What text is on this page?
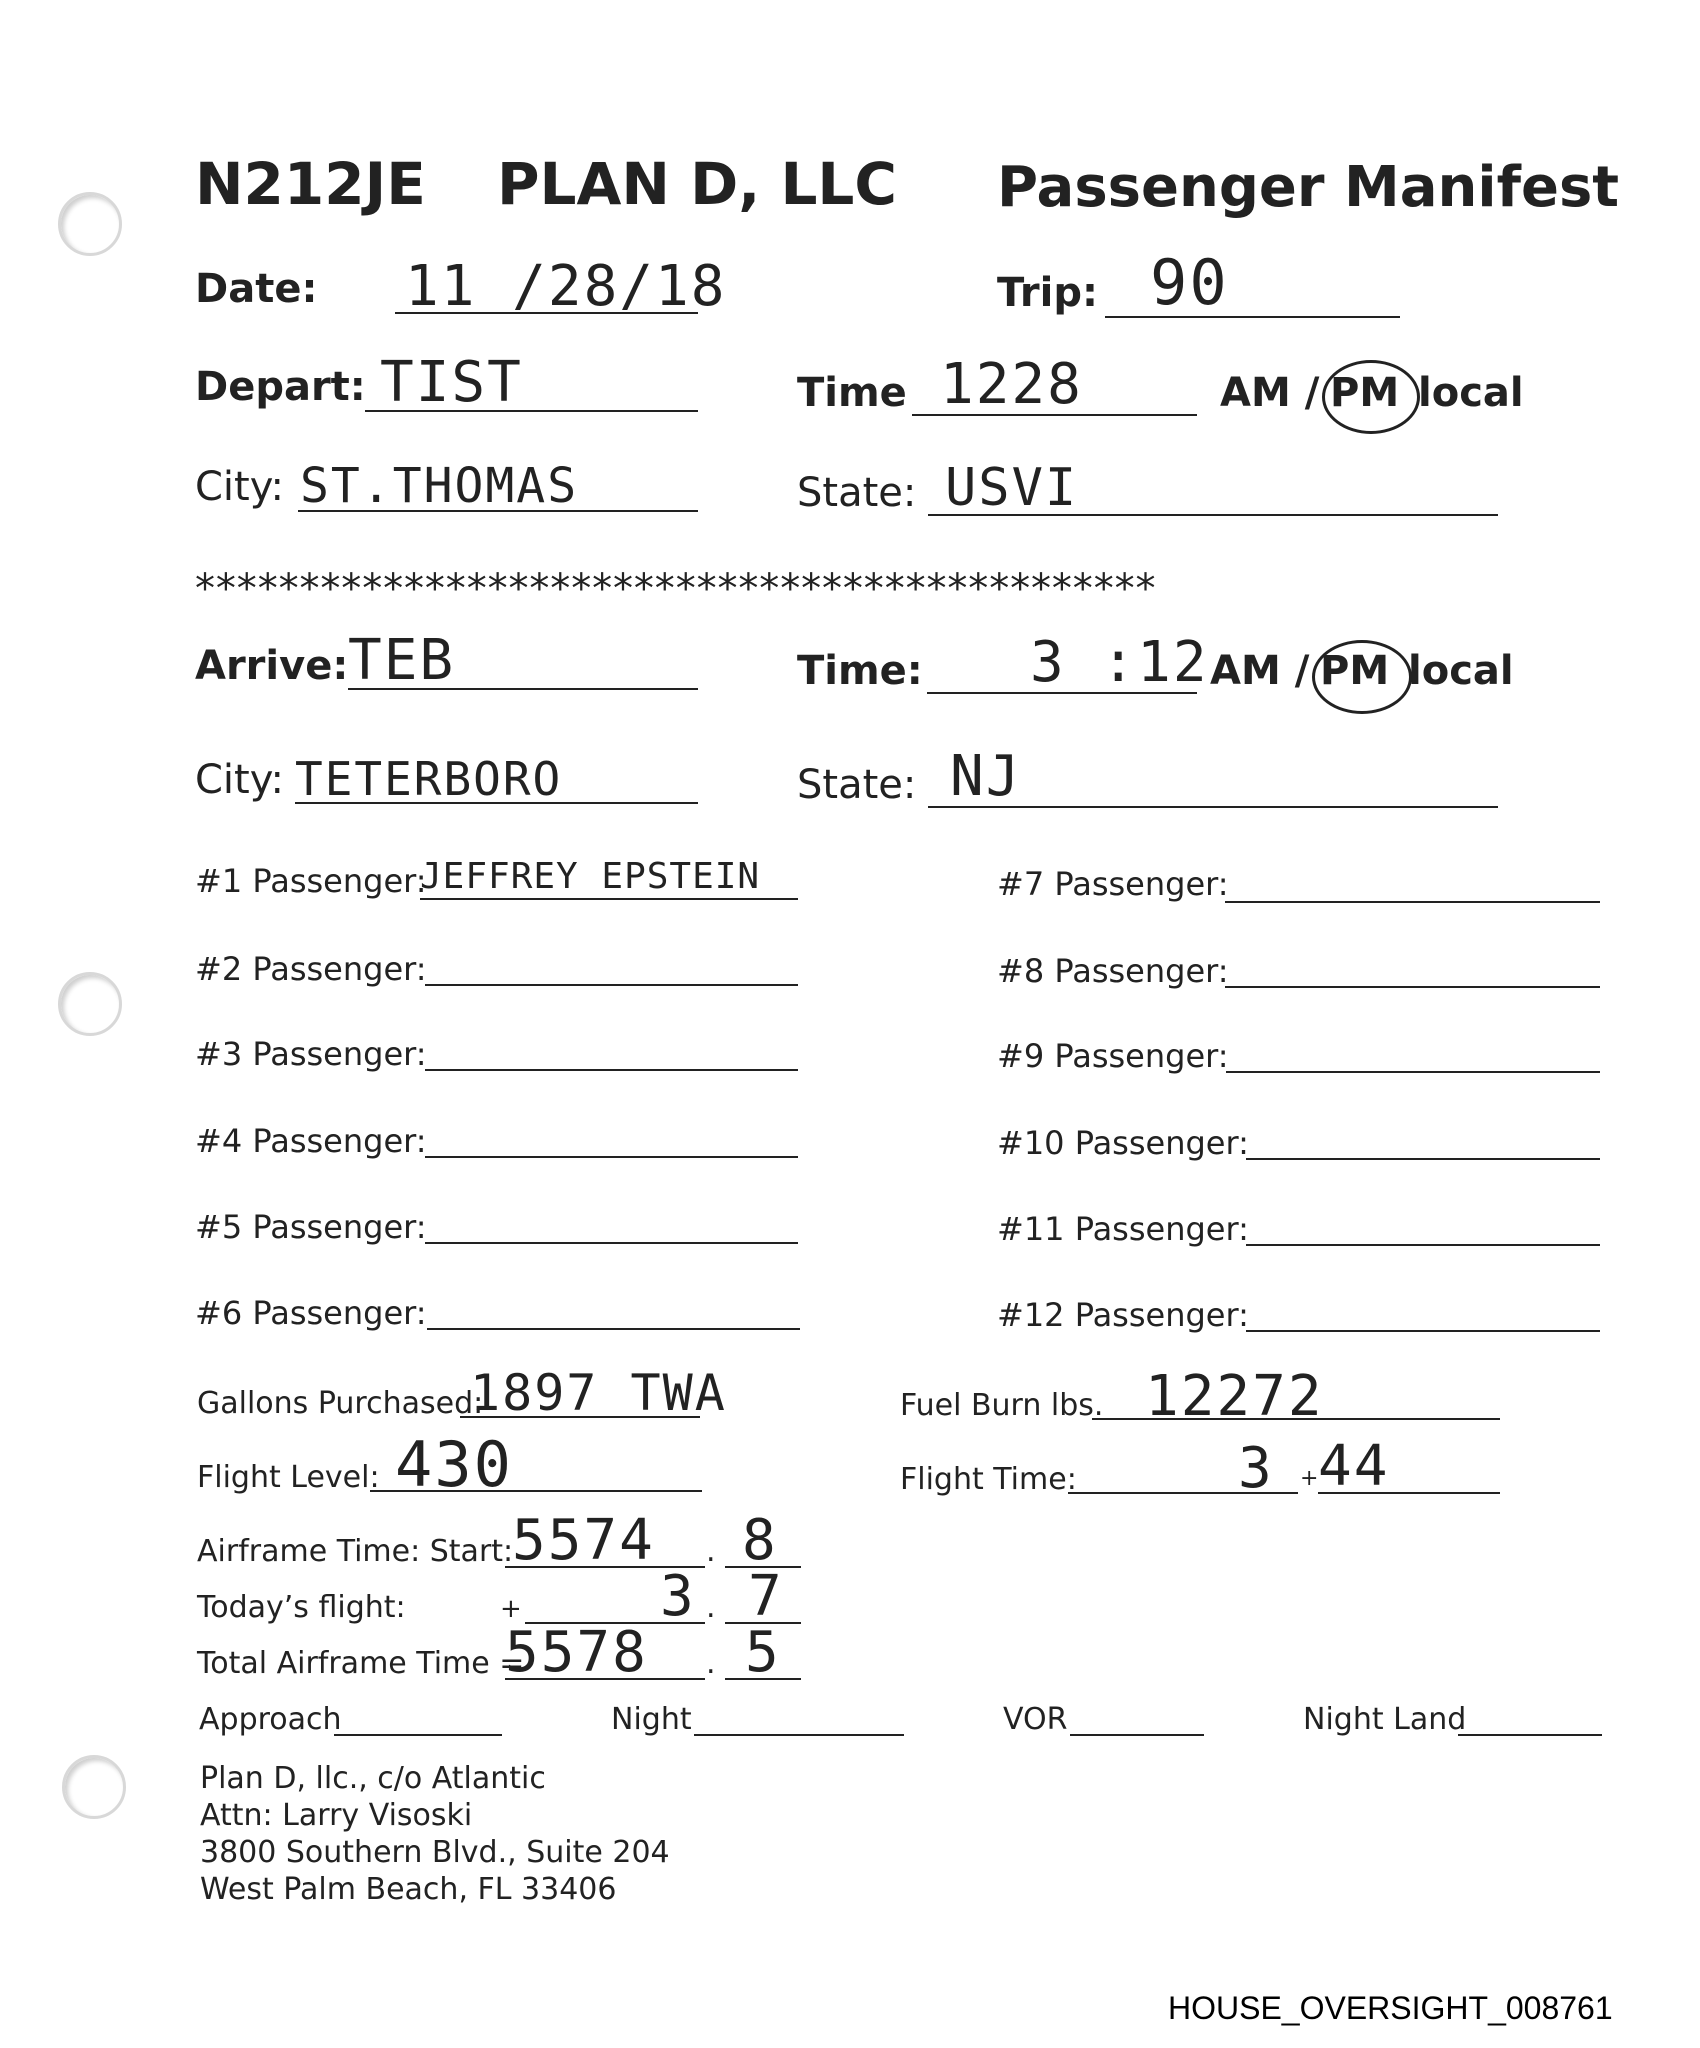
N212JE PLAN D, LLC Passenger Manifest
Date: 11 /28/18	Trip: 90
Depart: TIST	Time 1228	AM / PM local
City: ST.THOMAS	State: USVI
**********************************************
Arrive: TEB	Time: 3 :12 AM / PM local
City: TETERBORO	State: NJ
#1 Passenger:
JEFFREY EPSTEIN
#2 Passenger:
#3 Passenger:
#4 Passenger:
#5 Passenger:
#6 Passenger:
#7 Passenger:
#8 Passenger:
#9 Passenger:
#10 Passenger:
#11 Passenger:
#12 Passenger:
Gallons Purchased:
1897 TWA	Fuel Burn lbs. 12272
Flight Level: 430	Flight Time:	3 + 44
Airframe Time: Start:
5574 . 8
Today’s flight:	+ 3 . 7
Total Airframe Time =
5578 . 5
Approach	Night	VOR	Night Land
Plan D, llc., c/o Atlantic
Attn: Larry Visoski
3800 Southern Blvd., Suite 204
West Palm Beach, FL 33406
HOUSE_OVERSIGHT_008761
